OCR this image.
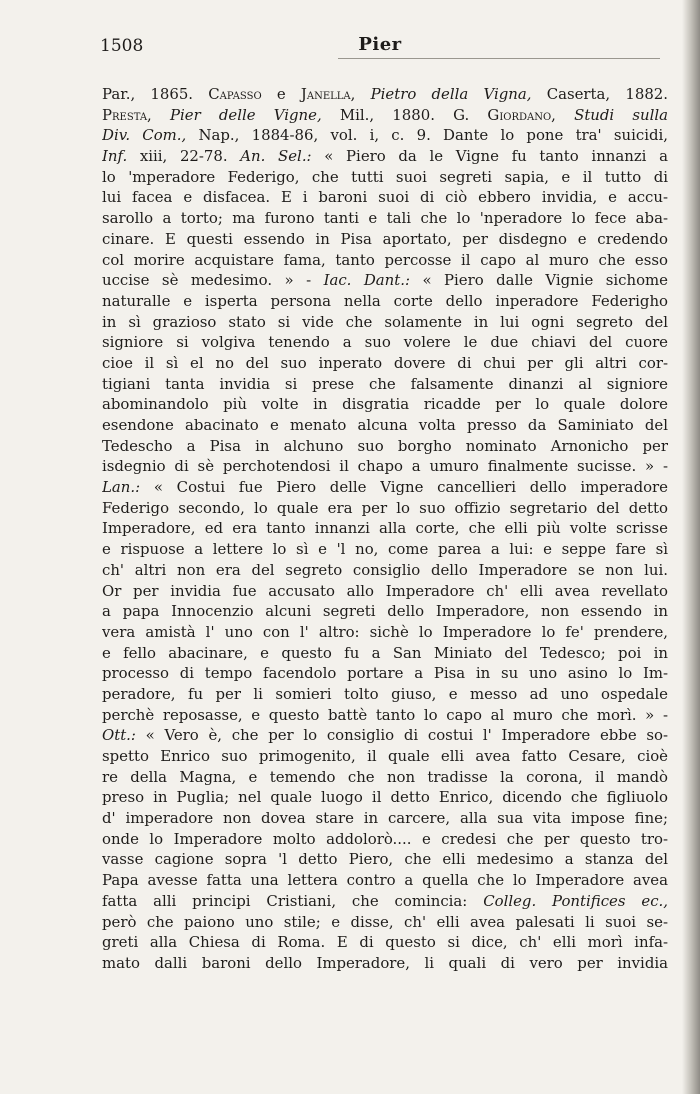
1508	Pier
Par., 1865. Capasso e Janella, Pietro della Vigna, Caserta, 1882.
Presta, Pier delle Vigne, Mil., 1880. G. Giordano, Studi sulla
Div. Com., Nap., 1884-86, vol. i, c. 9. Dante lo pone tra' suicidi,
Inf. xiii, 22-78. An. Sel.: « Piero da le Vigne fu tanto innanzi a
lo 'mperadore Federigo, che tutti suoi segreti sapia, e il tutto di
lui facea e disfacea. E i baroni suoi di ciò ebbero invidia, e accu-
sarollo a torto; ma furono tanti e tali che lo 'nperadore lo fece aba-
cinare. E questi essendo in Pisa aportato, per disdegno e credendo
col morire acquistare fama, tanto percosse il capo al muro che esso
uccise sè medesimo. » - Iac. Dant.: « Piero dalle Vignie sichome
naturalle e isperta persona nella corte dello inperadore Federigho
in sì grazioso stato si vide che solamente in lui ogni segreto del
signiore si volgiva tenendo a suo volere le due chiavi del cuore
cioe il sì el no del suo inperato dovere di chui per gli altri cor-
tigiani tanta invidia si prese che falsamente dinanzi al signiore
abominandolo più volte in disgratia ricadde per lo quale dolore
esendone abacinato e menato alcuna volta presso da Saminiato del
Tedescho a Pisa in alchuno suo borgho nominato Arnonicho per
isdegnio di sè perchotendosi il chapo a umuro finalmente sucisse. » -
Lan.: « Costui fue Piero delle Vigne cancellieri dello imperadore
Federigo secondo, lo quale era per lo suo offizio segretario del detto
Imperadore, ed era tanto innanzi alla corte, che elli più volte scrisse
e rispuose a lettere lo sì e 'l no, come parea a lui: e seppe fare sì
ch' altri non era del segreto consiglio dello Imperadore se non lui.
Or per invidia fue accusato allo Imperadore ch' elli avea revellato
a papa Innocenzio alcuni segreti dello Imperadore, non essendo in
vera amistà l' uno con l' altro: sichè lo Imperadore lo fe' prendere,
e fello abacinare, e questo fu a San Miniato del Tedesco; poi in
processo di tempo facendolo portare a Pisa in su uno asino lo Im-
peradore, fu per li somieri tolto giuso, e messo ad uno ospedale
perchè reposasse, e questo battè tanto lo capo al muro che morì. » -
Ott.: « Vero è, che per lo consiglio di costui l' Imperadore ebbe so-
spetto Enrico suo primogenito, il quale elli avea fatto Cesare, cioè
re della Magna, e temendo che non tradisse la corona, il mandò
preso in Puglia; nel quale luogo il detto Enrico, dicendo che figliuolo
d' imperadore non dovea stare in carcere, alla sua vita impose fine;
onde lo Imperadore molto addolorò.... e credesi che per questo tro-
vasse cagione sopra 'l detto Piero, che elli medesimo a stanza del
Papa avesse fatta una lettera contro a quella che lo Imperadore avea
fatta alli principi Cristiani, che comincia: Colleg. Pontifices ec.,
però che paiono uno stile; e disse, ch' elli avea palesati li suoi se-
greti alla Chiesa di Roma. E di questo si dice, ch' elli morì infa-
mato dalli baroni dello Imperadore, li quali di vero per invidia
